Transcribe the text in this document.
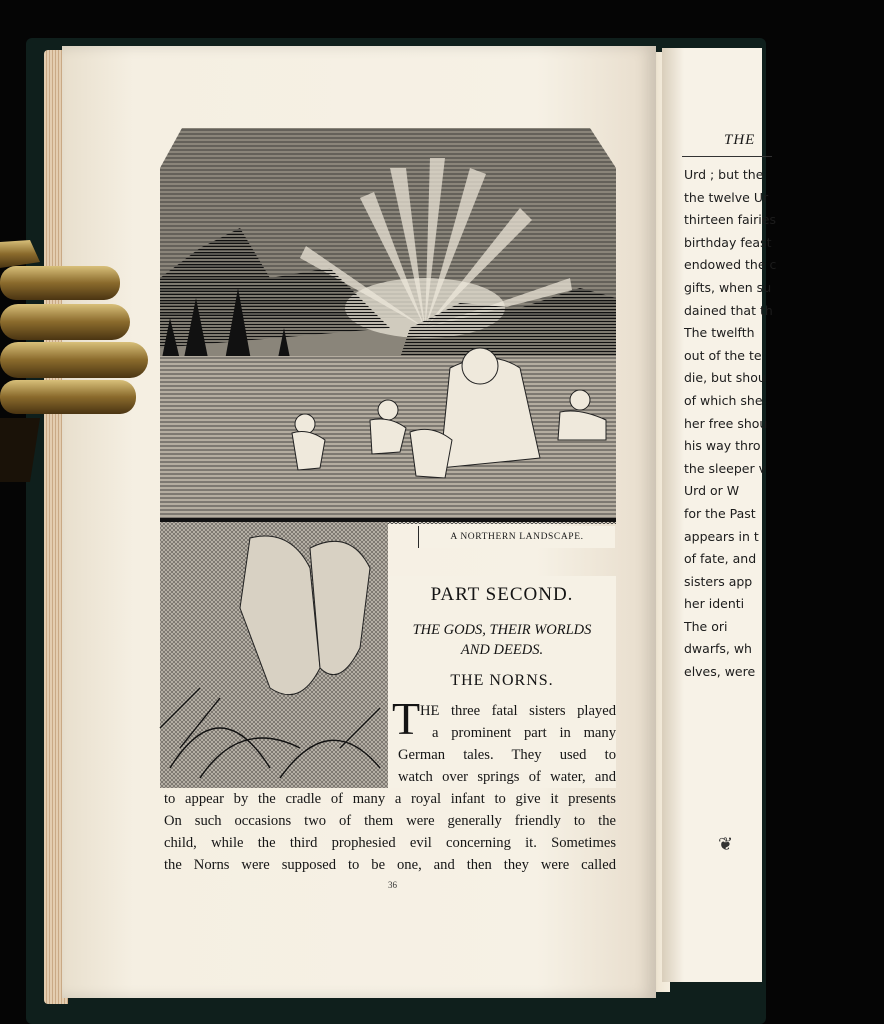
THE
Urd ; but the
the twelve Ur
thirteen fairies
birthday feast
endowed the c
gifts, when su
dained that th
The twelfth
out of the te
die, but shou
of which she
her free shou
his way thro
the sleeper v
Urd or W
for the Past
appears in t
of fate, and
sisters app
her identi
The ori
dwarfs, wh
elves, were
❦
A NORTHERN LANDSCAPE.
PART SECOND.
THE GODS, THEIR WORLDS
AND DEEDS.
THE NORNS.
T HE three fatal sisters played
a prominent part in many
German tales. They used to
watch over springs of water, and
to appear by the cradle of many a royal infant to give it presents
On such occasions two of them were generally friendly to the
child, while the third prophesied evil concerning it. Sometimes
the Norns were supposed to be one, and then they were called
36
